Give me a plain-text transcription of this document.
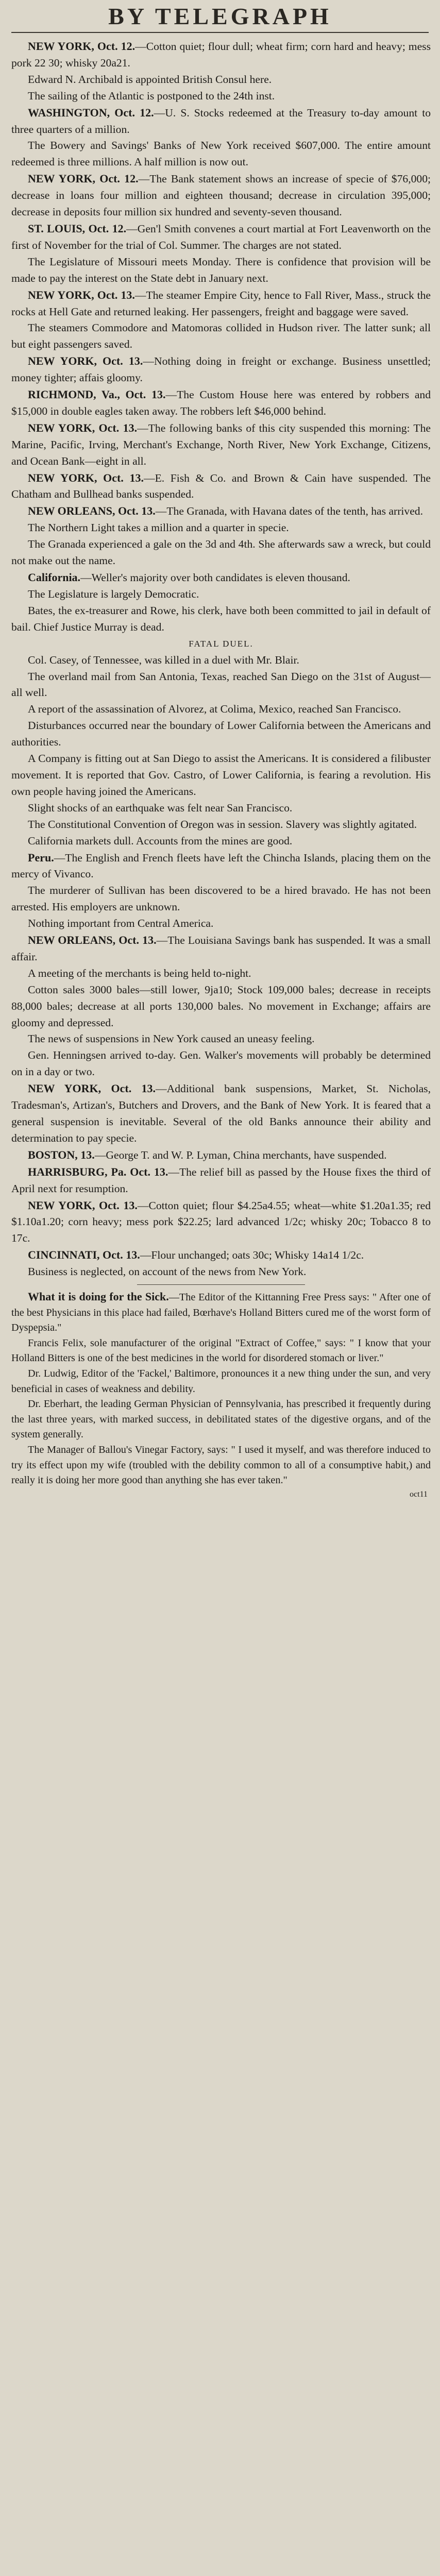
BY TELEGRAPH

NEW YORK, Oct. 12.—Cotton quiet; flour dull; wheat firm; corn hard and heavy; mess pork 22 30; whisky 20a21.

Edward N. Archibald is appointed British Consul here.

The sailing of the Atlantic is postponed to the 24th inst.

WASHINGTON, Oct. 12.—U. S. Stocks redeemed at the Treasury to-day amount to three quarters of a million.

The Bowery and Savings' Banks of New York received $607,000. The entire amount redeemed is three millions. A half million is now out.

NEW YORK, Oct. 12.—The Bank statement shows an increase of specie of $76,000; decrease in loans four million and eighteen thousand; decrease in circulation 395,000; decrease in deposits four million six hundred and seventy-seven thousand.

ST. LOUIS, Oct. 12.—Gen'l Smith convenes a court martial at Fort Leavenworth on the first of November for the trial of Col. Summer. The charges are not stated.

The Legislature of Missouri meets Monday. There is confidence that provision will be made to pay the interest on the State debt in January next.

NEW YORK, Oct. 13.—The steamer Empire City, hence to Fall River, Mass., struck the rocks at Hell Gate and returned leaking. Her passengers, freight and baggage were saved.

The steamers Commodore and Matomoras collided in Hudson river. The latter sunk; all but eight passengers saved.

NEW YORK, Oct. 13.—Nothing doing in freight or exchange. Business unsettled; money tighter; affais gloomy.

RICHMOND, Va., Oct. 13.—The Custom House here was entered by robbers and $15,000 in double eagles taken away. The robbers left $46,000 behind.

NEW YORK, Oct. 13.—The following banks of this city suspended this morning: The Marine, Pacific, Irving, Merchant's Exchange, North River, New York Exchange, Citizens, and Ocean Bank—eight in all.

NEW YORK, Oct. 13.—E. Fish & Co. and Brown & Cain have suspended. The Chatham and Bullhead banks suspended.

NEW ORLEANS, Oct. 13.—The Granada, with Havana dates of the tenth, has arrived.

The Northern Light takes a million and a quarter in specie.

The Granada experienced a gale on the 3d and 4th. She afterwards saw a wreck, but could not make out the name.

California.—Weller's majority over both candidates is eleven thousand.

The Legislature is largely Democratic.

Bates, the ex-treasurer and Rowe, his clerk, have both been committed to jail in default of bail. Chief Justice Murray is dead.

FATAL DUEL.

Col. Casey, of Tennessee, was killed in a duel with Mr. Blair.

The overland mail from San Antonia, Texas, reached San Diego on the 31st of August—all well.

A report of the assassination of Alvorez, at Colima, Mexico, reached San Francisco.

Disturbances occurred near the boundary of Lower California between the Americans and authorities.

A Company is fitting out at San Diego to assist the Americans. It is considered a filibuster movement. It is reported that Gov. Castro, of Lower California, is fearing a revolution. His own people having joined the Americans.

Slight shocks of an earthquake was felt near San Francisco.

The Constitutional Convention of Oregon was in session. Slavery was slightly agitated.

California markets dull. Accounts from the mines are good.

Peru.—The English and French fleets have left the Chincha Islands, placing them on the mercy of Vivanco.

The murderer of Sullivan has been discovered to be a hired bravado. He has not been arrested. His employers are unknown.

Nothing important from Central America.

NEW ORLEANS, Oct. 13.—The Louisiana Savings bank has suspended. It was a small affair.

A meeting of the merchants is being held to-night.

Cotton sales 3000 bales—still lower, 9ja10; Stock 109,000 bales; decrease in receipts 88,000 bales; decrease at all ports 130,000 bales. No movement in Exchange; affairs are gloomy and depressed.

The news of suspensions in New York caused an uneasy feeling.

Gen. Henningsen arrived to-day. Gen. Walker's movements will probably be determined on in a day or two.

NEW YORK, Oct. 13.—Additional bank suspensions, Market, St. Nicholas, Tradesman's, Artizan's, Butchers and Drovers, and the Bank of New York. It is feared that a general suspension is inevitable. Several of the old Banks announce their ability and determination to pay specie.

BOSTON, 13.—George T. and W. P. Lyman, China merchants, have suspended.

HARRISBURG, Pa. Oct. 13.—The relief bill as passed by the House fixes the third of April next for resumption.

NEW YORK, Oct. 13.—Cotton quiet; flour $4.25a4.55; wheat—white $1.20a1.35; red $1.10a1.20; corn heavy; mess pork $22.25; lard advanced 1/2c; whisky 20c; Tobacco 8 to 17c.

CINCINNATI, Oct. 13.—Flour unchanged; oats 30c; Whisky 14a14 1/2c.

Business is neglected, on account of the news from New York.

What it is doing for the Sick.—The Editor of the Kittanning Free Press says: " After one of the best Physicians in this place had failed, Bœrhave's Holland Bitters cured me of the worst form of Dyspepsia."

Francis Felix, sole manufacturer of the original "Extract of Coffee," says: " I know that your Holland Bitters is one of the best medicines in the world for disordered stomach or liver."

Dr. Ludwig, Editor of the 'Fackel,' Baltimore, pronounces it a new thing under the sun, and very beneficial in cases of weakness and debility.

Dr. Eberhart, the leading German Physician of Pennsylvania, has prescribed it frequently during the last three years, with marked success, in debilitated states of the digestive organs, and of the system generally.

The Manager of Ballou's Vinegar Factory, says: " I used it myself, and was therefore induced to try its effect upon my wife (troubled with the debility common to all of a consumptive habit,) and really it is doing her more good than anything she has ever taken."

oct11
